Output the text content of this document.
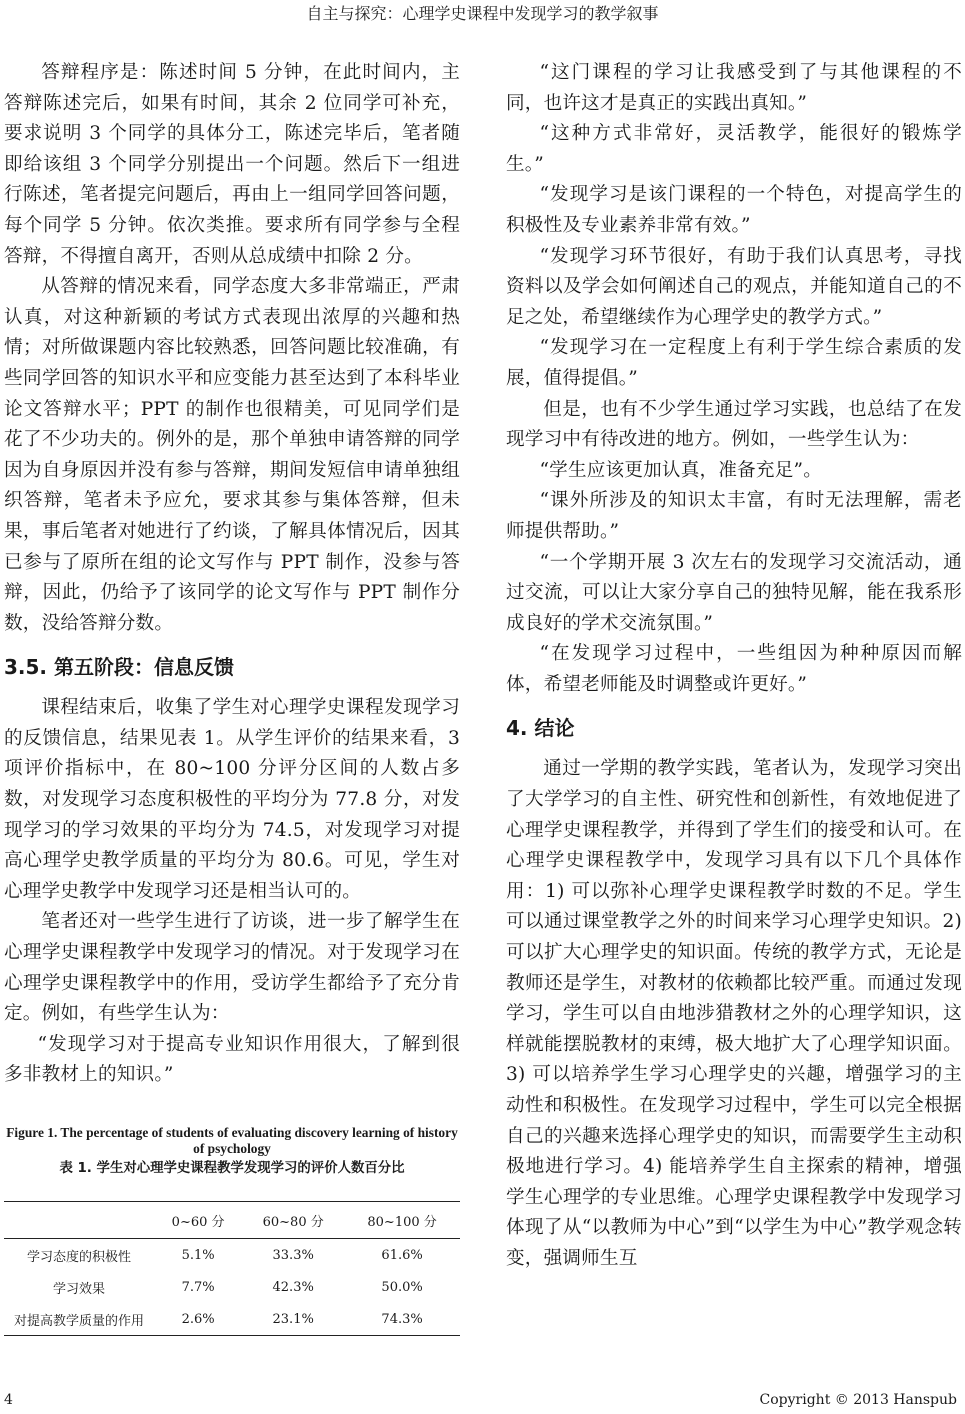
自主与探究：心理学史课程中发现学习的教学叙事

答辩程序是：陈述时间 5 分钟，在此时间内，主答辩陈述完后，如果有时间，其余 2 位同学可补充，要求说明 3 个同学的具体分工，陈述完毕后，笔者随即给该组 3 个同学分别提出一个问题。然后下一组进行陈述，笔者提完问题后，再由上一组同学回答问题，每个同学 5 分钟。依次类推。要求所有同学参与全程答辩，不得擅自离开，否则从总成绩中扣除 2 分。

从答辩的情况来看，同学态度大多非常端正，严肃认真，对这种新颖的考试方式表现出浓厚的兴趣和热情；对所做课题内容比较熟悉，回答问题比较准确，有些同学回答的知识水平和应变能力甚至达到了本科毕业论文答辩水平；PPT 的制作也很精美，可见同学们是花了不少功夫的。例外的是，那个单独申请答辩的同学因为自身原因并没有参与答辩，期间发短信申请单独组织答辩，笔者未予应允，要求其参与集体答辩，但未果，事后笔者对她进行了约谈，了解具体情况后，因其已参与了原所在组的论文写作与 PPT 制作，没参与答辩，因此，仍给予了该同学的论文写作与 PPT 制作分数，没给答辩分数。

3.5. 第五阶段：信息反馈

课程结束后，收集了学生对心理学史课程发现学习的反馈信息，结果见表 1。从学生评价的结果来看，3 项评价指标中，在 80~100 分评分区间的人数占多数，对发现学习态度积极性的平均分为 77.8 分，对发现学习的学习效果的平均分为 74.5，对发现学习对提高心理学史教学质量的平均分为 80.6。可见，学生对心理学史教学中发现学习还是相当认可的。

笔者还对一些学生进行了访谈，进一步了解学生在心理学史课程教学中发现学习的情况。对于发现学习在心理学史课程教学中的作用，受访学生都给予了充分肯定。例如，有些学生认为：

“发现学习对于提高专业知识作用很大，了解到很多非教材上的知识。”

Figure 1. The percentage of students of evaluating discovery learning of history of psychology
表 1. 学生对心理学史课程教学发现学习的评价人数百分比
	0~60 分	60~80 分	80~100 分
学习态度的积极性	5.1%	33.3%	61.6%
学习效果	7.7%	42.3%	50.0%
对提高教学质量的作用	2.6%	23.1%	74.3%

“这门课程的学习让我感受到了与其他课程的不同，也许这才是真正的实践出真知。”

“这种方式非常好，灵活教学，能很好的锻炼学生。”

“发现学习是该门课程的一个特色，对提高学生的积极性及专业素养非常有效。”

“发现学习环节很好，有助于我们认真思考，寻找资料以及学会如何阐述自己的观点，并能知道自己的不足之处，希望继续作为心理学史的教学方式。”

“发现学习在一定程度上有利于学生综合素质的发展，值得提倡。”

但是，也有不少学生通过学习实践，也总结了在发现学习中有待改进的地方。例如，一些学生认为：

“学生应该更加认真，准备充足”。

“课外所涉及的知识太丰富，有时无法理解，需老师提供帮助。”

“一个学期开展 3 次左右的发现学习交流活动，通过交流，可以让大家分享自己的独特见解，能在我系形成良好的学术交流氛围。”

“在发现学习过程中，一些组因为种种原因而解体，希望老师能及时调整或许更好。”

4. 结论

通过一学期的教学实践，笔者认为，发现学习突出了大学学习的自主性、研究性和创新性，有效地促进了心理学史课程教学，并得到了学生们的接受和认可。在心理学史课程教学中，发现学习具有以下几个具体作用：1) 可以弥补心理学史课程教学时数的不足。学生可以通过课堂教学之外的时间来学习心理学史知识。2) 可以扩大心理学史的知识面。传统的教学方式，无论是教师还是学生，对教材的依赖都比较严重。而通过发现学习，学生可以自由地涉猎教材之外的心理学知识，这样就能摆脱教材的束缚，极大地扩大了心理学知识面。3) 可以培养学生学习心理学史的兴趣，增强学习的主动性和积极性。在发现学习过程中，学生可以完全根据自己的兴趣来选择心理学史的知识，而需要学生主动积极地进行学习。4) 能培养学生自主探索的精神，增强学生心理学的专业思维。心理学史课程教学中发现学习体现了从“以教师为中心”到“以学生为中心”教学观念转变，强调师生互

4	Copyright © 2013 Hanspub
